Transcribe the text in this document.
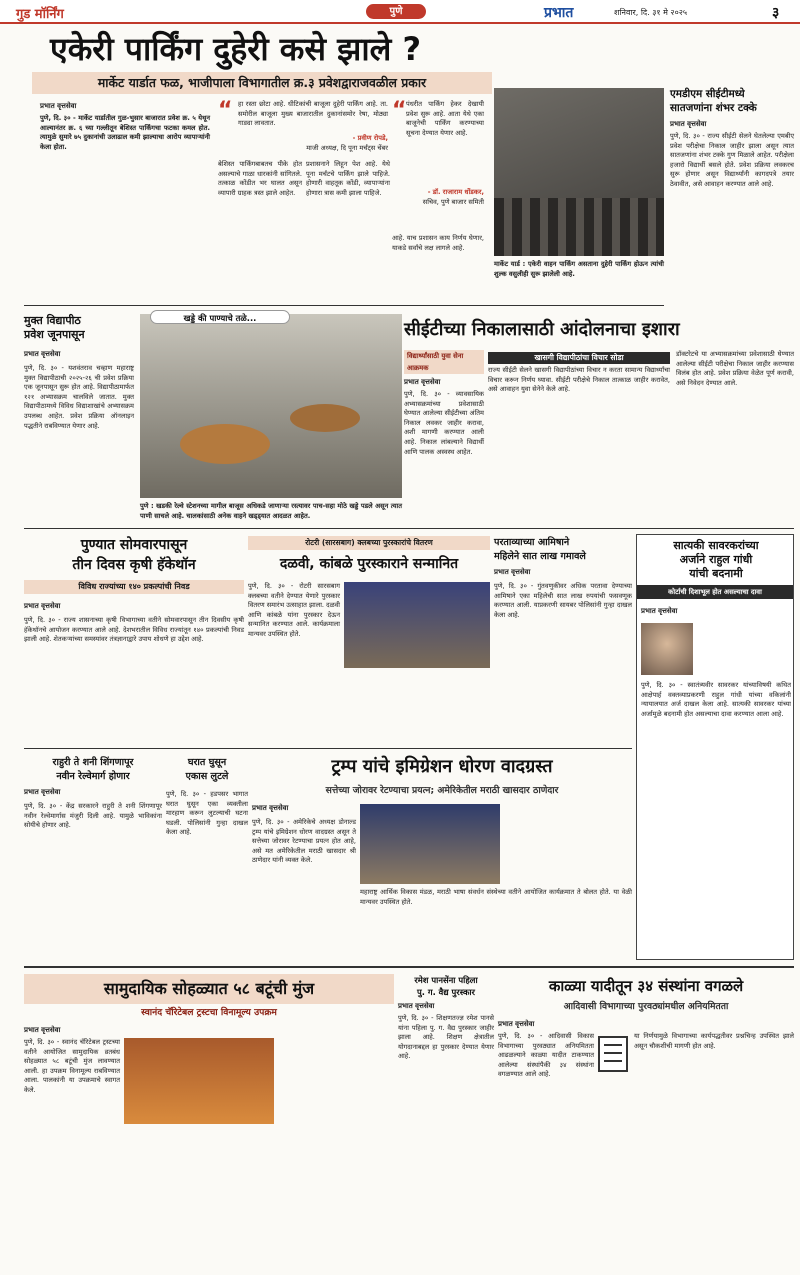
गुड मॉर्निंग	पुणे	प्रभात	शनिवार, दि. ३१ मे २०२५	३
एकेरी पार्किंग दुहेरी कसे झाले ?
मार्केट यार्डात फळ, भाजीपाला विभागातील क्र.३ प्रवेशद्वाराजवळील प्रकार
प्रभात वृत्तसेवा
पुणे, दि. ३० - मार्केट यार्डातील गुळ-भुसार बाजारात प्रवेश क्र. ५ येथून आल्यानंतर क्र. ६ च्या गल्लीतून बेशिस्त पार्किंगचा फटका कमल होत. त्यामुळे सुमारे ७५ दुकानांची उलाढाल कमी झाल्याचा आरोप व्यापाऱ्यांनी केला होता.
“ हा रस्ता छोटा आहे. धीटिकांची बाजूला दुहेरी पार्किंग आहे. ता. समोरील बाजूला मुख्य बाजारातील दुकानांसमोर रेषा, मोठ्या गाड्या लावतात.
- प्रवीण रोपडे,
माजी अध्यक्ष, दि पूना मर्चंट्स चेंबर
“ पंधरीत पार्किंग हेकर देखायी प्रवेश सुरू आहे. आता येथे एका बाजूनेची पार्किंग करण्याच्या सूचना देण्यात येणार आहे.
- डॉ. राजाराम धोंडकर,
सचिव, पुणे बाजार समिती
बेशिस्त पार्किंगबाबतच पीके होत असल्याचे गाळा धारकांनी सांगितले. तत्काळ कोंडीत भर घालत असून व्यापारी ग्राहक त्रस्त झाले आहेत.
प्रशासनाने लिहून पेश आहे. येथे पूना मर्चंटचे पार्किंग झाले पाहिजे. होणारी वाहतूक कोंडी, व्यापाऱ्यांना होणारा त्रास कमी झाला पाहिजे.
आहे. याच प्रशासन काय निर्णय घेणार, याकडे सर्वांचे लक्ष लागले आहे.
मार्केट यार्ड : एकेरी वाहन पार्किंग असताना दुहेरी पार्किंग होऊन त्यांची शुल्क वसुलीही सुरू झालेली आहे.
एमडीएम सीईटीमध्ये
सातजणांना शंभर टक्के
प्रभात वृत्तसेवा
पुणे, दि. ३० - राज्य सीईटी सेलने घेतलेल्या एमबीए प्रवेश परीक्षेचा निकाल जाहीर झाला असून त्यात सातजणांना शंभर टक्के गुण मिळाले आहेत. परीक्षेला हजारो विद्यार्थी बसले होते. प्रवेश प्रक्रिया लवकरच सुरू होणार असून विद्यार्थ्यांनी कागदपत्रे तयार ठेवावीत, असे आवाहन करण्यात आले आहे.
मुक्त विद्यापीठ
प्रवेश जूनपासून
प्रभात वृत्तसेवा
पुणे, दि. ३० - यशवंतराव चव्हाण महाराष्ट्र मुक्त विद्यापीठाची २०२५-२६ ची प्रवेश प्रक्रिया एक जूनपासून सुरू होत आहे. विद्यापीठामार्फत १२१ अभ्यासक्रम चालविले जातात. मुक्त विद्यापीठामध्ये विविध विद्याशाखांचे अभ्यासक्रम उपलब्ध आहेत. प्रवेश प्रक्रिया ऑनलाइन पद्धतीने राबविण्यात येणार आहे.
खड्डे की पाण्याचे तळे...
पुणे : खडकी रेल्वे स्टेशनच्या मागील बाजूस अधिकडे जाणाऱ्या रस्त्यावर पाच-सहा मोठे खड्डे पडले असून त्यात पाणी साचले आहे. चालकांसाठी अनेक वाहने खड्ड्यात आदळत आहेत.
सीईटीच्या निकालासाठी आंदोलनाचा इशारा
विद्यार्थ्यांसाठी युवा सेना आक्रमक
खासगी विद्यापीठांचा विचार सोडा
प्रभात वृत्तसेवा
पुणे, दि. ३० - व्यावसायिक अभ्यासक्रमांच्या प्रवेशासाठी घेण्यात आलेल्या सीईटीच्या अंतिम निकाल लवकर जाहीर करावा, अशी मागणी करण्यात आली आहे. निकाल लांबल्याने विद्यार्थी आणि पालक अस्वस्थ आहेत.
राज्य सीईटी सेलने खासगी विद्यापीठांच्या विचार न करता सामान्य विद्यार्थ्यांचा विचार करून निर्णय घ्यावा. सीईटी परीक्षेचे निकाल तात्काळ जाहीर करावेत, असे आवाहन युवा सेनेने केले आहे.
डॉक्टरेटचे या अभ्यासक्रमांच्या प्रवेशासाठी घेण्यात आलेल्या सीईटी परीक्षेचा निकाल जाहीर करण्यास विलंब होत आहे. प्रवेश प्रक्रिया वेळेत पूर्ण करावी, असे निवेदन देण्यात आले.
पुण्यात सोमवारपासून
तीन दिवस कृषी हॅकेथॉन
विविध राज्यांच्या १४० प्रकल्पांची निवड
प्रभात वृत्तसेवा
पुणे, दि. ३० - राज्य शासनाच्या कृषी विभागाच्या वतीने सोमवारपासून तीन दिवसीय कृषी हॅकेथॉनचे आयोजन करण्यात आले आहे. देशभरातील विविध राज्यांतून १४० प्रकल्पांची निवड झाली आहे. शेतकऱ्यांच्या समस्यांवर तंत्रज्ञानाद्वारे उपाय शोधणे हा उद्देश आहे.
रोटरी (सारसबाग) क्लबच्या पुरस्कारांचे वितरण
दळवी, कांबळे पुरस्काराने सन्मानित
पुणे, दि. ३० - रोटरी सारसबाग क्लबच्या वतीने देण्यात येणारे पुरस्कार वितरण समारंभ उत्साहात झाला. दळवी आणि कांबळे यांना पुरस्कार देऊन सन्मानित करण्यात आले. कार्यक्रमाला मान्यवर उपस्थित होते.
परताव्याच्या आमिषाने
महिलेने सात लाख गमावले
प्रभात वृत्तसेवा
पुणे, दि. ३० - गुंतवणुकीवर अधिक परतावा देण्याच्या आमिषाने एका महिलेची सात लाख रुपयांची फसवणूक करण्यात आली. याप्रकरणी सायबर पोलिसांनी गुन्हा दाखल केला आहे.
सात्यकी सावरकरांच्या
अर्जाने राहुल गांधी
यांची बदनामी
कोर्टाची दिशाभूल होत असल्याचा दावा
प्रभात वृत्तसेवा
पुणे, दि. ३० - स्वातंत्र्यवीर सावरकर यांच्याविषयी कथित आक्षेपार्ह वक्तव्याप्रकरणी राहुल गांधी यांच्या वकिलांनी न्यायालयात अर्ज दाखल केला आहे. सात्यकी सावरकर यांच्या अर्जामुळे बदनामी होत असल्याचा दावा करण्यात आला आहे.
राहुरी ते शनी शिंगणापूर
नवीन रेल्वेमार्ग होणार
प्रभात वृत्तसेवा
पुणे, दि. ३० - केंद्र सरकारने राहुरी ते शनी शिंगणापूर नवीन रेल्वेमार्गास मंजुरी दिली आहे. यामुळे भाविकांना सोयीचे होणार आहे.
घरात घुसून
एकास लुटले
पुणे, दि. ३० - हडपसर भागात घरात घुसून एका व्यक्तीला मारहाण करून लुटल्याची घटना घडली. पोलिसांनी गुन्हा दाखल केला आहे.
ट्रम्प यांचे इमिग्रेशन धोरण वादग्रस्त
सत्तेच्या जोरावर रेटण्याचा प्रयत्न; अमेरिकेतील मराठी खासदार ठाणेदार
प्रभात वृत्तसेवा
पुणे, दि. ३० - अमेरिकेचे अध्यक्ष डोनाल्ड ट्रम्प यांचे इमिग्रेशन धोरण वादग्रस्त असून ते सत्तेच्या जोरावर रेटण्याचा प्रयत्न होत आहे, असे मत अमेरिकेतील मराठी खासदार श्री ठाणेदार यांनी व्यक्त केले.
महाराष्ट्र आर्थिक विकास मंडळ, मराठी भाषा संवर्धन संस्थेच्या वतीने आयोजित कार्यक्रमात ते बोलत होते. या वेळी मान्यवर उपस्थित होते.
सामुदायिक सोहळ्यात ५८ बटूंची मुंज
स्वानंद चॅरिटेबल ट्रस्टचा विनामूल्य उपक्रम
प्रभात वृत्तसेवा
पुणे, दि. ३० - स्वानंद चॅरिटेबल ट्रस्टच्या वतीने आयोजित सामुदायिक व्रतबंध सोहळ्यात ५८ बटूंची मुंज लावण्यात आली. हा उपक्रम विनामूल्य राबविण्यात आला. पालकांनी या उपक्रमाचे स्वागत केले.
रमेश पानसेंना पहिला
पु. ग. वैद्य पुरस्कार
प्रभात वृत्तसेवा
पुणे, दि. ३० - शिक्षणतज्ज्ञ रमेश पानसे यांना पहिला पु. ग. वैद्य पुरस्कार जाहीर झाला आहे. शिक्षण क्षेत्रातील योगदानाबद्दल हा पुरस्कार देण्यात येणार आहे.
काळ्या यादीतून ३४ संस्थांना वगळले
आदिवासी विभागाच्या पुरवठ्यांमधील अनियमितता
प्रभात वृत्तसेवा
पुणे, दि. ३० - आदिवासी विकास विभागाच्या पुरवठ्यात अनियमितता आढळल्याने काळ्या यादीत टाकण्यात आलेल्या संस्थांपैकी ३४ संस्थांना वगळण्यात आले आहे.
या निर्णयामुळे विभागाच्या कार्यपद्धतीवर प्रश्नचिन्ह उपस्थित झाले असून चौकशीची मागणी होत आहे.
